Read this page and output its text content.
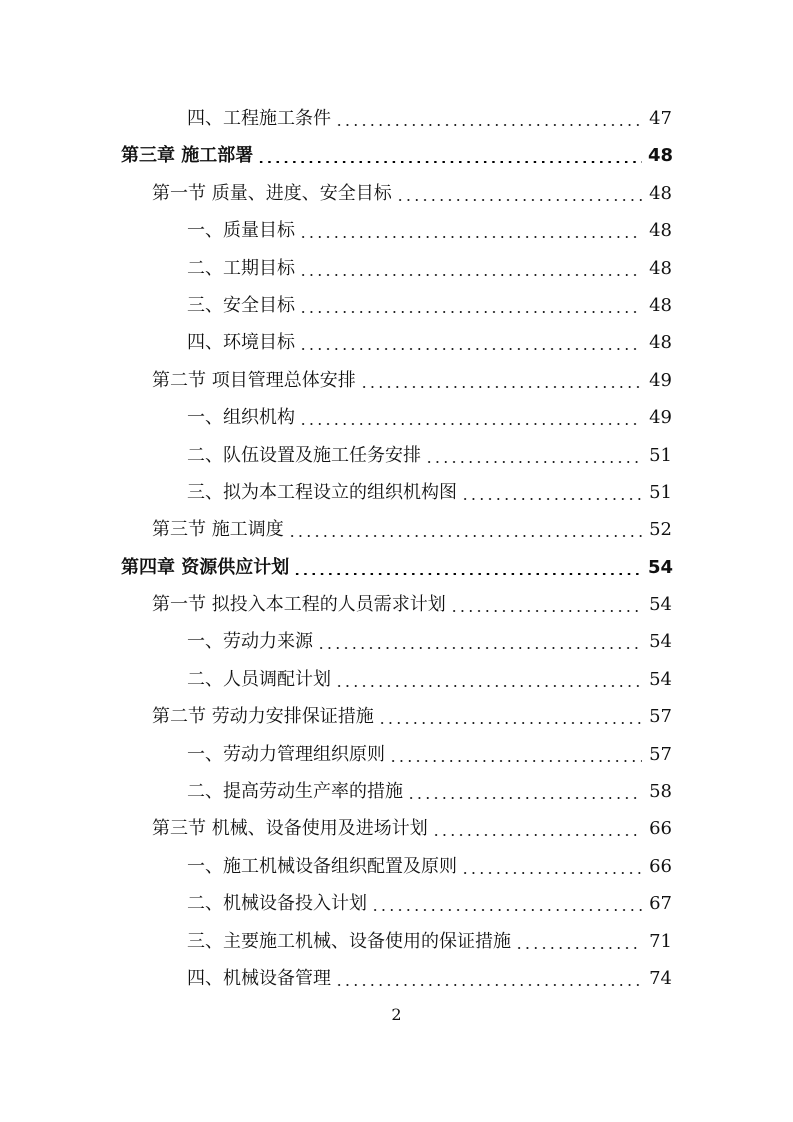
四、工程施工条件	47
第三章 施工部署	48
第一节 质量、进度、安全目标	48
一、质量目标	48
二、工期目标	48
三、安全目标	48
四、环境目标	48
第二节 项目管理总体安排	49
一、组织机构	49
二、队伍设置及施工任务安排	51
三、拟为本工程设立的组织机构图	51
第三节 施工调度	52
第四章 资源供应计划	54
第一节 拟投入本工程的人员需求计划	54
一、劳动力来源	54
二、人员调配计划	54
第二节 劳动力安排保证措施	57
一、劳动力管理组织原则	57
二、提高劳动生产率的措施	58
第三节 机械、设备使用及进场计划	66
一、施工机械设备组织配置及原则	66
二、机械设备投入计划	67
三、主要施工机械、设备使用的保证措施	71
四、机械设备管理	74
2
